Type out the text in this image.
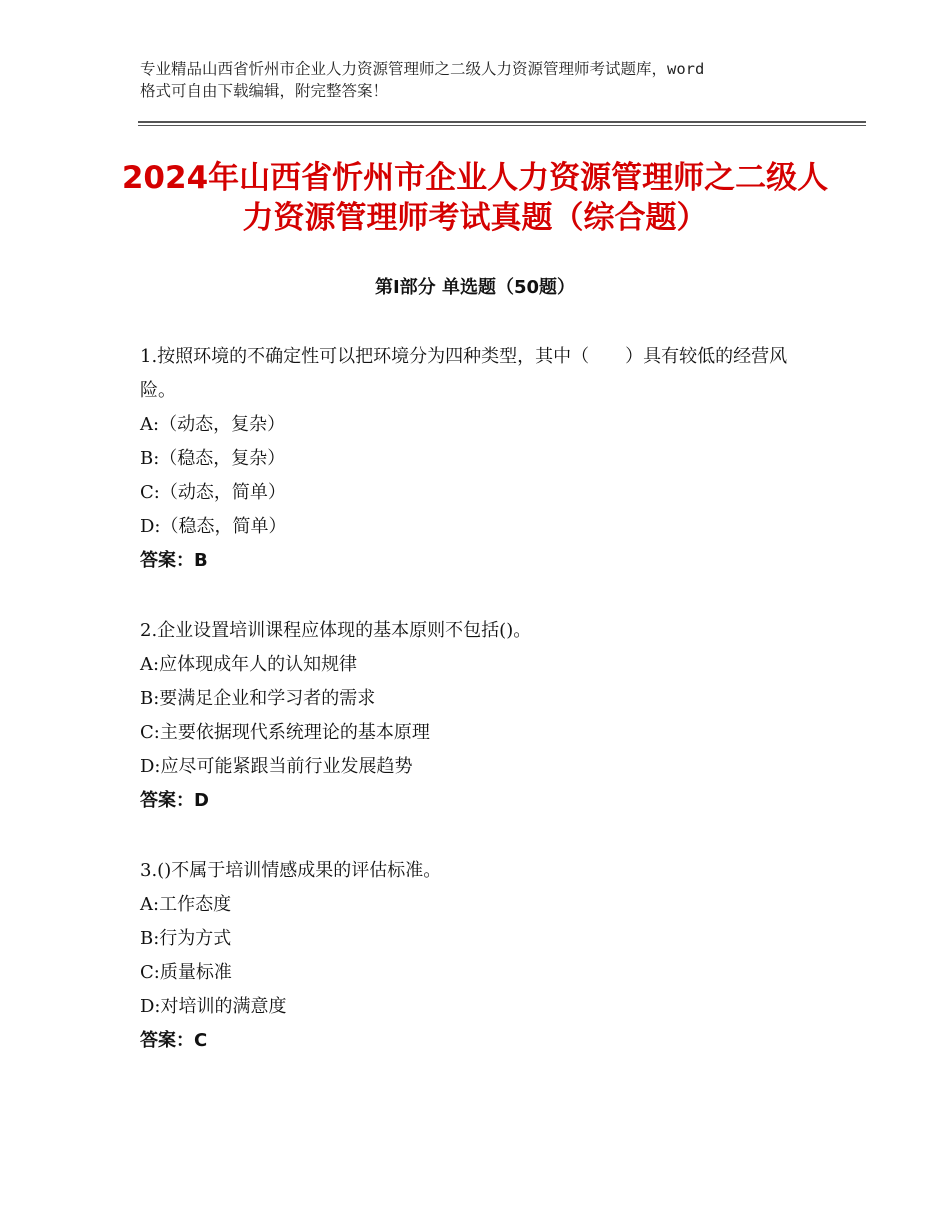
专业精品山西省忻州市企业人力资源管理师之二级人力资源管理师考试题库，word
格式可自由下载编辑，附完整答案！
2024年山西省忻州市企业人力资源管理师之二级人力资源管理师考试真题（综合题）
第Ⅰ部分 单选题（50题）

1.按照环境的不确定性可以把环境分为四种类型，其中（　　）具有较低的经营风险。

A:（动态，复杂）

B:（稳态，复杂）

C:（动态，简单）

D:（稳态，简单）

答案：B

2.企业设置培训课程应体现的基本原则不包括()。

A:应体现成年人的认知规律

B:要满足企业和学习者的需求

C:主要依据现代系统理论的基本原理

D:应尽可能紧跟当前行业发展趋势

答案：D

3.()不属于培训情感成果的评估标准。

A:工作态度

B:行为方式

C:质量标准

D:对培训的满意度

答案：C
